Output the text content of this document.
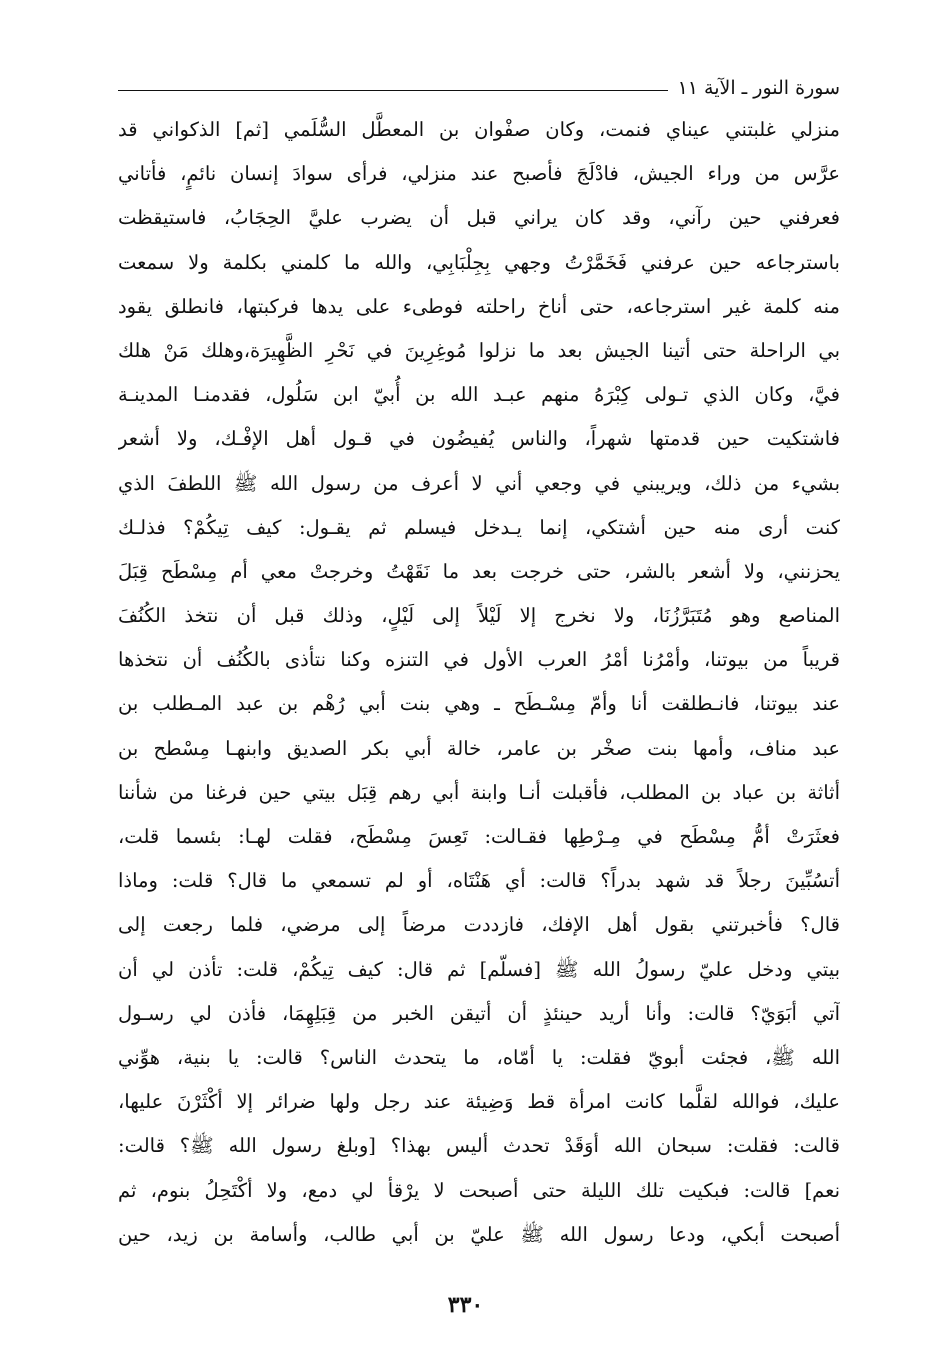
سورة النور ـ الآية ١١
منزلي غلبتني عيناي فنمت، وكان صفْوان بن المعطَّل السُّلَمي [ثم] الذكواني قد
عرَّس من وراء الجيش، فادْلَجَ فأصبح عند منزلي، فرأى سوادَ إنسان نائمٍ، فأتاني
فعرفني حين رآني، وقد كان يراني قبل أن يضرب عليَّ الحِجَابُ، فاستيقظت
باسترجاعه حين عرفني فَخَمَّرْتُ وجهي بِجِلْبَابِي، والله ما كلمني بكلمة ولا سمعت
منه كلمة غير استرجاعه، حتى أناخ راحلته فوطىء على يدها فركبتها، فانطلق يقود
بي الراحلة حتى أتينا الجيش بعد ما نزلوا مُوغِرِينَ في نَحْرِ الظَّهِيرَة،وهلك مَنْ هلك
فيَّ، وكان الذي تـولى كِبْرَهُ منهم عبـد الله بن أُبيّ ابن سَلُول، فقدمنـا المدينـة
فاشتكيت حين قدمتها شهراً، والناس يُفيضُون في قـول أهل الإفْـك، ولا أشعر
بشيء من ذلك، ويريبني في وجعي أني لا أعرف من رسول الله ﷺ اللطفَ الذي
كنت أرى منه حين أشتكي، إنما يـدخل فيسلم ثم يقـول: كيف تِيكُمْ؟ فذلـك
يحزنني، ولا أشعر بالشر، حتى خرجت بعد ما نَقَهْتُ وخرجتْ معي أم مِسْطَح قِبَلَ
المناصع وهو مُتَبَرَّزُنَا، ولا نخرج إلا لَيْلاً إلى لَيْلٍ، وذلك قبل أن نتخذ الكُنُفَ
قريباً من بيوتنا، وأمْرُنا أمْرُ العرب الأول في التنزه وكنا نتأذى بالكُنُف أن نتخذها
عند بيوتنا، فانـطلقت أنا وأمّ مِسْـطَح ـ وهي بنت أبي رُهْم بن عبد المـطلب بن
عبد مناف، وأمها بنت صخْر بن عامر، خالة أبي بكر الصديق وابنهـا مِسْطح بن
أثاثة بن عباد بن المطلب، فأقبلت أنـا وابنة أبي رهم قِبَل بيتي حين فرغنا من شأننا
فعثَرَتْ أمُّ مِسْطَح في مِـرْطِها فقـالت: تَعِسَ مِسْطَح، فقلت لهـا: بئسما قلت،
أتسُبِّينَ رجلاً قد شهد بدراً؟ قالت: أي هَنْتَاه، أو لم تسمعي ما قال؟ قلت: وماذا
قال؟ فأخبرتني بقول أهل الإفك، فازددت مرضاً إلى مرضي، فلما رجعت إلى
بيتي ودخل عليّ رسولُ الله ﷺ [فسلّم] ثم قال: كيف تِيكُمْ، قلت: تأذن لي أن
آتي أبَوَيّ؟ قالت: وأنا أريد حينئذٍ أن أتيقن الخبر من قِبَلِهِمَا، فأذن لي رسـول
الله ﷺ، فجئت أبويّ فقلت: يا أمّاه، ما يتحدث الناس؟ قالت: يا بنية، هوِّني
عليك، فوالله لقلَّما كانت امرأة قط وَضِيئة عند رجل ولها ضرائر إلا أكْثَرْنَ عليها،
قالت: فقلت: سبحان الله أوَقَدْ تحدث أليس بهذا؟ [وبلغ رسول الله ﷺ؟ قالت:
نعم] قالت: فبكيت تلك الليلة حتى أصبحت لا يرْقأ لي دمع، ولا أكْتَحِلُ بنوم، ثم
أصبحت أبكي، ودعا رسول الله ﷺ عليّ بن أبي طالب، وأسامة بن زيد، حين
٣٣٠
